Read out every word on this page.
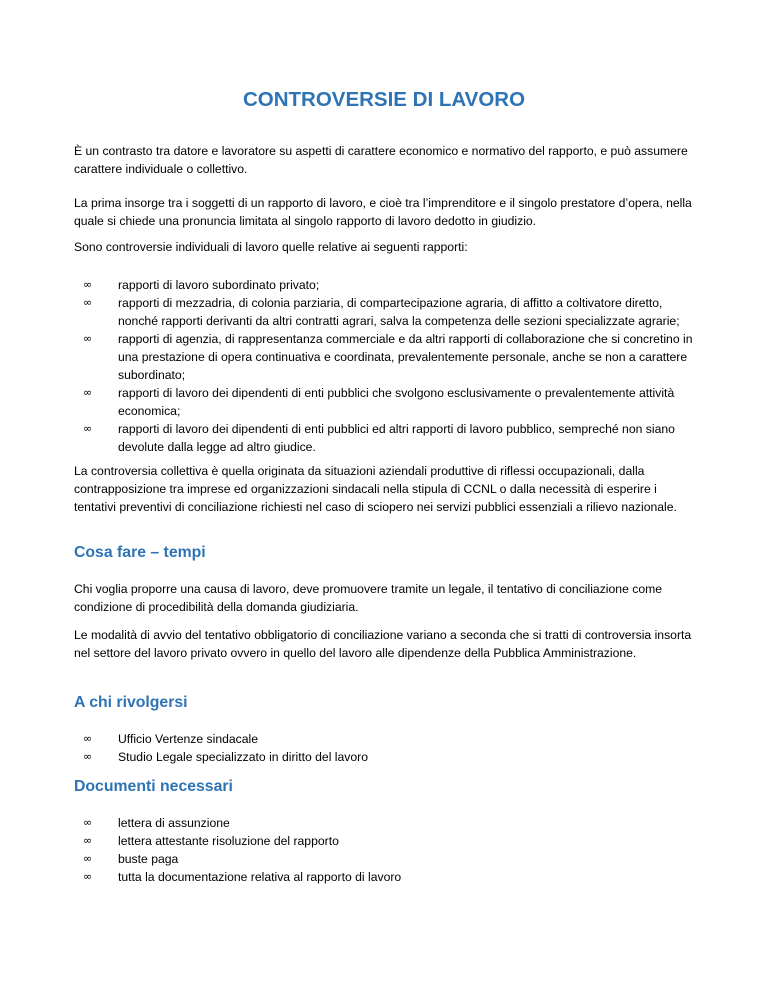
CONTROVERSIE DI LAVORO

È un contrasto tra datore e lavoratore su aspetti di carattere economico e normativo del rapporto, e può assumere carattere individuale o collettivo.

La prima insorge tra i soggetti di un rapporto di lavoro, e cioè tra l’imprenditore e il singolo prestatore d’opera, nella quale si chiede una pronuncia limitata al singolo rapporto di lavoro dedotto in giudizio.

Sono controversie individuali di lavoro quelle relative ai seguenti rapporti:

∞ rapporti di lavoro subordinato privato;
∞ rapporti di mezzadria, di colonia parziaria, di compartecipazione agraria, di affitto a coltivatore diretto, nonché rapporti derivanti da altri contratti agrari, salva la competenza delle sezioni specializzate agrarie;
∞ rapporti di agenzia, di rappresentanza commerciale e da altri rapporti di collaborazione che si concretino in una prestazione di opera continuativa e coordinata, prevalentemente personale, anche se non a carattere subordinato;
∞ rapporti di lavoro dei dipendenti di enti pubblici che svolgono esclusivamente o prevalentemente attività economica;
∞ rapporti di lavoro dei dipendenti di enti pubblici ed altri rapporti di lavoro pubblico, sempreché non siano devolute dalla legge ad altro giudice.

La controversia collettiva è quella originata da situazioni aziendali produttive di riflessi occupazionali, dalla contrapposizione tra imprese ed organizzazioni sindacali nella stipula di CCNL o dalla necessità di esperire i tentativi preventivi di conciliazione richiesti nel caso di sciopero nei servizi pubblici essenziali a rilievo nazionale.

Cosa fare – tempi

Chi voglia proporre una causa di lavoro, deve promuovere tramite un legale, il tentativo di conciliazione come condizione di procedibilità della domanda giudiziaria.

Le modalità di avvio del tentativo obbligatorio di conciliazione variano a seconda che si tratti di controversia insorta nel settore del lavoro privato ovvero in quello del lavoro alle dipendenze della Pubblica Amministrazione.

A chi rivolgersi
∞ Ufficio Vertenze sindacale
∞ Studio Legale specializzato in diritto del lavoro
Documenti necessari
∞ lettera di assunzione
∞ lettera attestante risoluzione del rapporto
∞ buste paga
∞ tutta la documentazione relativa al rapporto di lavoro
